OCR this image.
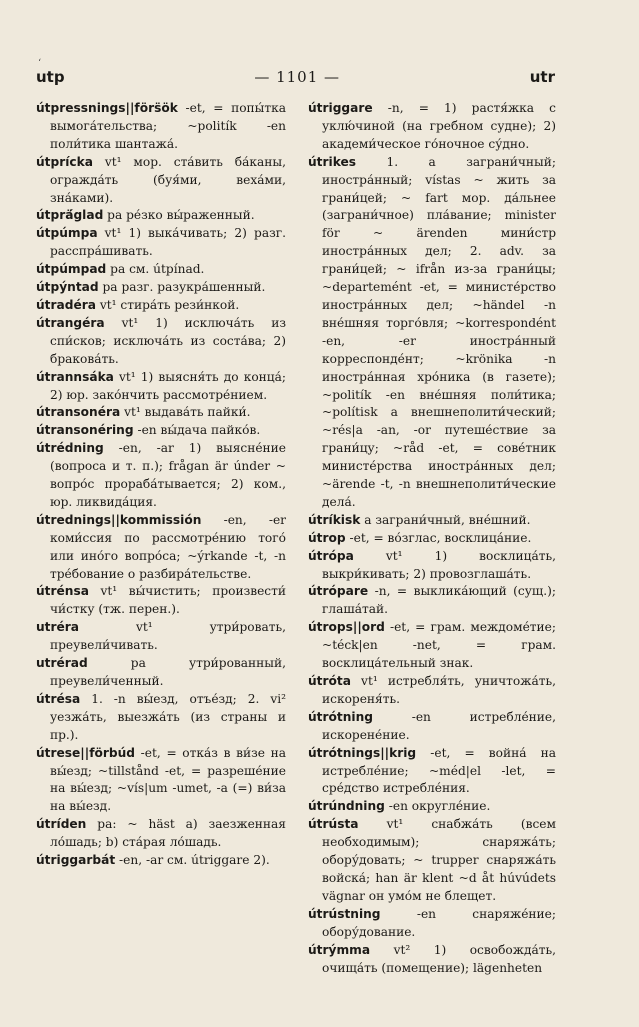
ʻ
utp	— 1101 —	utr

útpressnings||förs̈ök -et, = попы́тка вымога́тельства; ~politík -en поли́тика шантажа́.

útprícka vt¹ мор. ста́вить ба́каны, огражда́ть (буя́ми, веха́ми, зна́ками).

útprä́glad pa ре́зко вы́раженный.

útpúmpa vt¹ 1) выка́чивать; 2) разг. расспра́шивать.

útpúmpad pa см. útpínad.

útpýntad pa разг. разукра́шенный.

útradéra vt¹ стира́ть рези́нкой.

útrangéra vt¹ 1) исключа́ть из спи́сков; исключа́ть из соста́ва; 2) бракова́ть.

útrannsáka vt¹ 1) выясня́ть до конца́; 2) юр. зако́нчить рассмотре́нием.

útransonéra vt¹ выдава́ть пайки́.

útransonéring -en вы́дача пайко́в.

útrédning -en, -ar 1) выясне́ние (вопроса и т. п.); frågan är únder ~ вопро́с прораба́тывается; 2) ком., юр. ликвида́ция.

útrednings||kommissión -en, -er коми́ссия по рассмотре́нию того́ или ино́го вопро́са; ~ýrkande -t, -n тре́бование о разбира́тельстве.

útrénsa vt¹ вы́чистить; произвести́ чи́стку (тж. перен.).

utréra vt¹ утри́ровать, преувели́чивать.

utrérad pa утри́рованный, преувели́ченный.

útrésa 1. -n вы́езд, отъе́зд; 2. vi² уезжа́ть, выезжа́ть (из страны и пр.).

útrese||förbúd -et, = отка́з в ви́зе на вы́езд; ~tillstånd -et, = разреше́ние на вы́езд; ~vís|um -umet, -a (=) ви́за на вы́езд.

útríden pa: ~ häst a) заезженная ло́шадь; b) ста́рая ло́шадь.

útriggarbát -en, -ar см. útriggare 2).

útriggare -n, = 1) растя́жка с уклю́чиной (на гребном судне); 2) академи́ческое го́ночное су́дно.

útrikes 1. a заграни́чный; иностра́нный; vístas ~ жить за грани́цей; ~ fart мор. да́льнее (заграни́чное) пла́вание; minister för ~ ärenden мини́стр иностра́нных дел; 2. adv. за грани́цей; ~ ifrån из-за грани́цы; ~departemént -et, = министе́рство иностра́нных дел; ~händel -n вне́шняя торго́вля; ~korrespondént -en, -er иностра́нный корреспонде́нт; ~krönika -n иностра́нная хро́ника (в газете); ~politík -en вне́шняя поли́тика; ~polítisk a внешнеполити́ческий; ~rés|a -an, -or путеше́ствие за грани́цу; ~råd -et, = сове́тник министе́рства иностра́нных дел; ~ärende -t, -n внешнеполити́ческие дела́.

útríkisk a заграни́чный, вне́шний.

útrop -et, = во́зглас, восклица́ние.

útrópa vt¹ 1) восклица́ть, выкри́кивать; 2) провозглаша́ть.

útrópare -n, = выклика́ющий (сущ.); глаша́тай.

útrops||ord -et, = грам. междоме́тие; ~téck|en -net, = грам. восклица́тельный знак.

útróta vt¹ истребля́ть, уничтожа́ть, искореня́ть.

útrótning -en истребле́ние, искорене́ние.

útrótnings||krig -et, = война́ на истребле́ние; ~méd|el -let, = сре́дство истребле́ния.

útrúndning -en округле́ние.

útrústa vt¹ снабжа́ть (всем необходимым); снаряжа́ть; обору́довать; ~ trupper снаряжа́ть войска́; han är klent ~d åt húvúdets vägnar он умо́м не блещет.

útrústning -en снаряже́ние; обору́дование.

útrýmma vt² 1) освобожда́ть, очища́ть (помещение); lägenheten
